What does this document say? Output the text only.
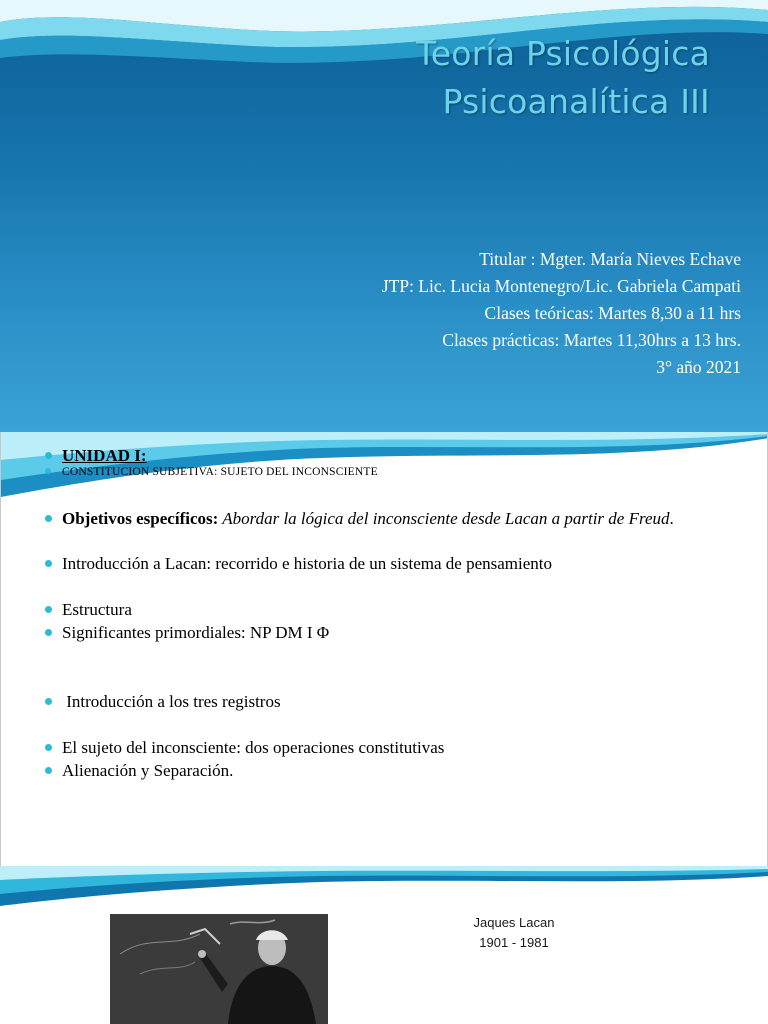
Teoría Psicológica
Psicoanalítica III
Titular : Mgter. María Nieves Echave
JTP: Lic. Lucia Montenegro/Lic. Gabriela Campati
Clases teóricas: Martes 8,30 a 11 hrs
Clases prácticas: Martes 11,30hrs a 13 hrs.
3° año 2021
UNIDAD I:
CONSTITUCION SUBJETIVA: SUJETO DEL INCONSCIENTE
Objetivos específicos: Abordar la lógica del inconsciente desde Lacan a partir de Freud.
Introducción a Lacan: recorrido e historia de un sistema de pensamiento
Estructura
Significantes primordiales: NP DM I Φ
Introducción a los tres registros
El sujeto del inconsciente: dos operaciones constitutivas
Alienación y Separación.
Jaques Lacan
1901 - 1981
